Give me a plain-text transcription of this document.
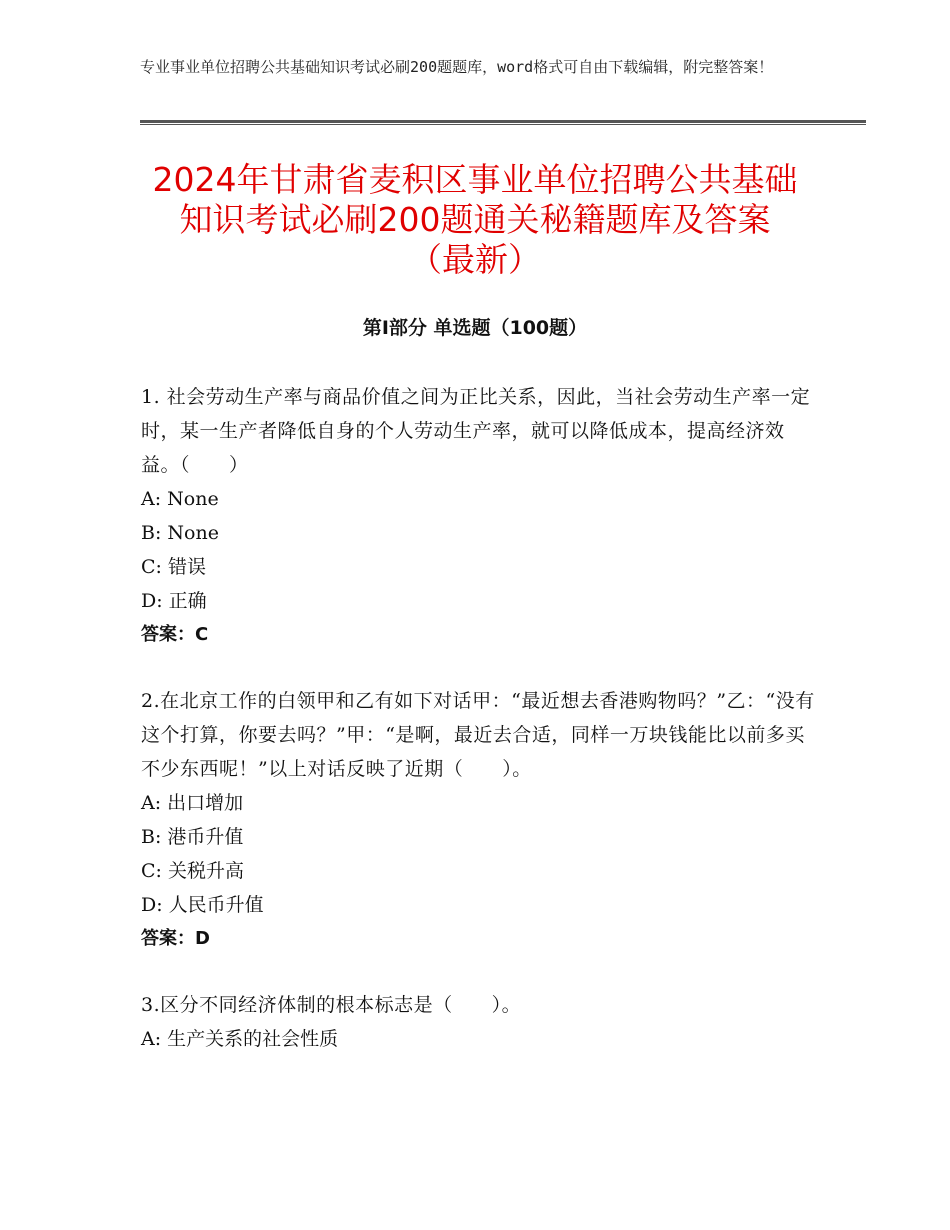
专业事业单位招聘公共基础知识考试必刷200题题库，word格式可自由下载编辑，附完整答案！
2024年甘肃省麦积区事业单位招聘公共基础
知识考试必刷200题通关秘籍题库及答案
（最新）
第I部分 单选题（100题）

1. 社会劳动生产率与商品价值之间为正比关系，因此，当社会劳动生产率一定时，某一生产者降低自身的个人劳动生产率，就可以降低成本，提高经济效益。（　　）

A: None

B: None

C: 错误

D: 正确

答案：C

2.在北京工作的白领甲和乙有如下对话甲：“最近想去香港购物吗？”乙：“没有这个打算，你要去吗？”甲：“是啊，最近去合适，同样一万块钱能比以前多买不少东西呢！”以上对话反映了近期（　　）。

A: 出口增加

B: 港币升值

C: 关税升高

D: 人民币升值

答案：D

3.区分不同经济体制的根本标志是（　　）。

A: 生产关系的社会性质
